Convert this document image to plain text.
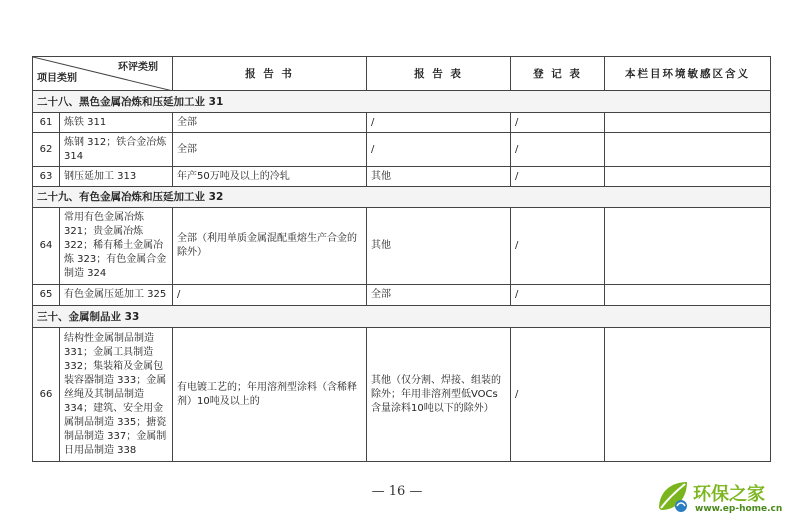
环评类别
项目类别		报 告 书	报 告 表	登 记 表	本栏目环境敏感区含义
二十八、黑色金属冶炼和压延加工业 31					
61	炼铁 311	全部	/	/	
62	炼钢 312；铁合金冶炼 314	全部	/	/	
63	钢压延加工 313	年产50万吨及以上的冷轧	其他	/	
二十九、有色金属冶炼和压延加工业 32					
64	常用有色金属冶炼 321；贵金属冶炼 322；稀有稀土金属冶炼 323；有色金属合金制造 324	全部（利用单质金属混配重熔生产合金的除外）	其他	/	
65	有色金属压延加工 325	/	全部	/	
三十、金属制品业 33					
66	结构性金属制品制造 331；金属工具制造 332；集装箱及金属包装容器制造 333；金属丝绳及其制品制造 334；建筑、安全用金属制品制造 335；搪瓷制品制造 337；金属制日用品制造 338	有电镀工艺的；年用溶剂型涂料（含稀释剂）10吨及以上的	其他（仅分割、焊接、组装的除外；年用非溶剂型低VOCs含量涂料10吨以下的除外）	/	
— 16 —	环保之家
www.ep-home.cn
